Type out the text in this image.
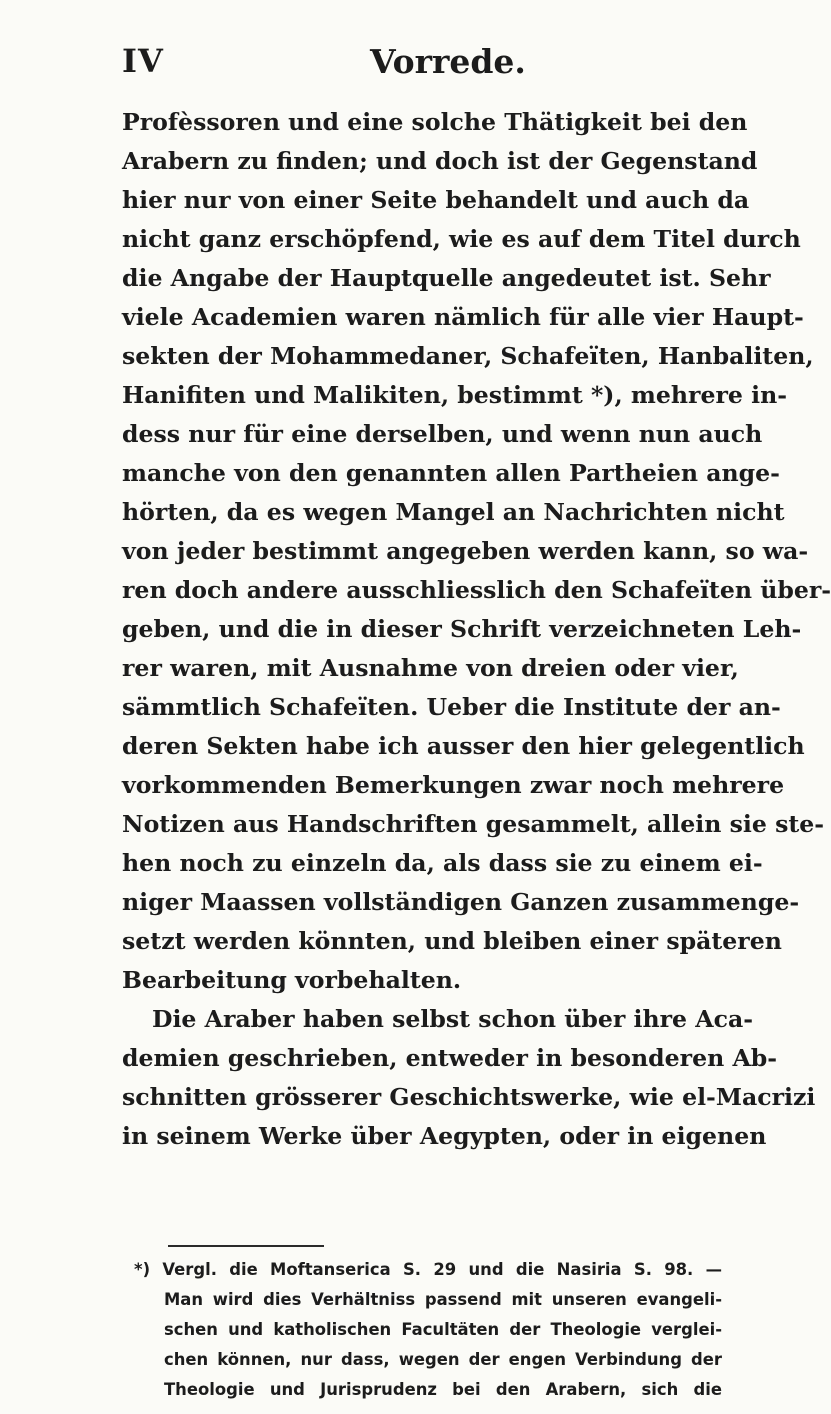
IV	Vorrede.
Profèssoren und eine solche Thätigkeit bei den
Arabern zu finden; und doch ist der Gegenstand
hier nur von einer Seite behandelt und auch da
nicht ganz erschöpfend, wie es auf dem Titel durch
die Angabe der Hauptquelle angedeutet ist. Sehr
viele Academien waren nämlich für alle vier Haupt-
sekten der Mohammedaner, Schafeïten, Hanbaliten,
Hanifiten und Malikiten, bestimmt *), mehrere in-
dess nur für eine derselben, und wenn nun auch
manche von den genannten allen Partheien ange-
hörten, da es wegen Mangel an Nachrichten nicht
von jeder bestimmt angegeben werden kann, so wa-
ren doch andere ausschliesslich den Schafeïten über-
geben, und die in dieser Schrift verzeichneten Leh-
rer waren, mit Ausnahme von dreien oder vier,
sämmtlich Schafeïten. Ueber die Institute der an-
deren Sekten habe ich ausser den hier gelegentlich
vorkommenden Bemerkungen zwar noch mehrere
Notizen aus Handschriften gesammelt, allein sie ste-
hen noch zu einzeln da, als dass sie zu einem ei-
niger Maassen vollständigen Ganzen zusammenge-
setzt werden könnten, und bleiben einer späteren
Bearbeitung vorbehalten.
Die Araber haben selbst schon über ihre Aca-
demien geschrieben, entweder in besonderen Ab-
schnitten grösserer Geschichtswerke, wie el-Macrizi
in seinem Werke über Aegypten, oder in eigenen
*) Vergl. die Moftanserica S. 29 und die Nasiria S. 98. —
Man wird dies Verhältniss passend mit unseren evangeli-
schen und katholischen Facultäten der Theologie verglei-
chen können, nur dass, wegen der engen Verbindung der
Theologie und Jurisprudenz bei den Arabern, sich die
